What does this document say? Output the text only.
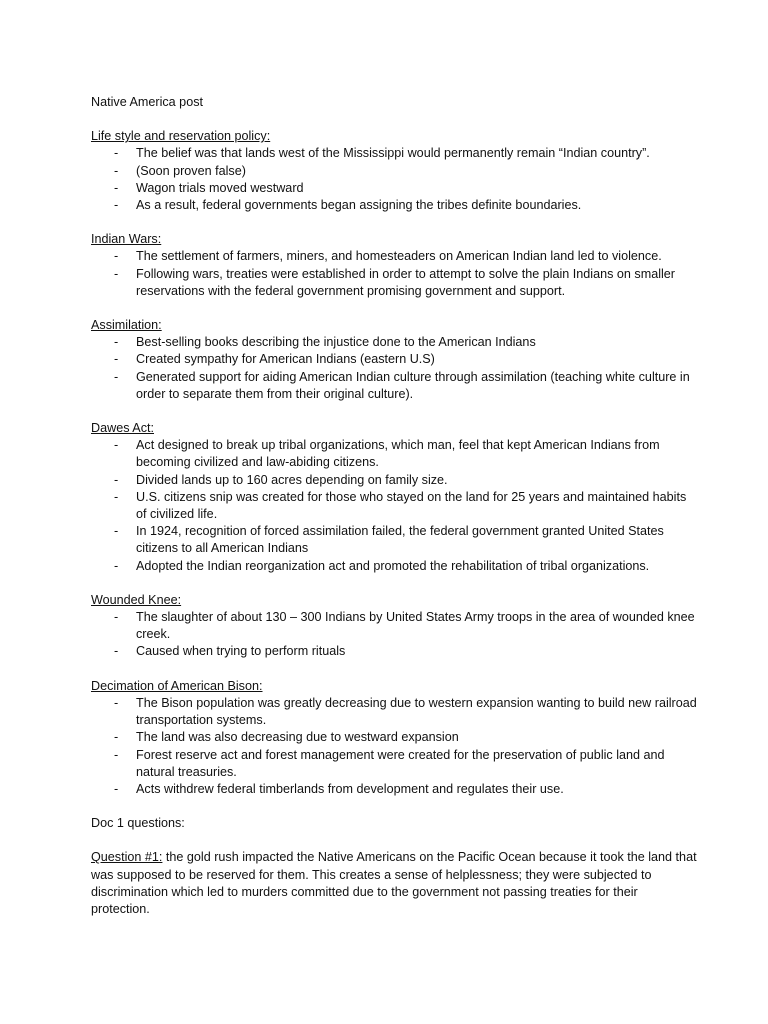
Native America post
Life style and reservation policy:
- The belief was that lands west of the Mississippi would permanently remain “Indian country”.
- (Soon proven false)
- Wagon trials moved westward
- As a result, federal governments began assigning the tribes definite boundaries.
Indian Wars:
- The settlement of farmers, miners, and homesteaders on American Indian land led to violence.
- Following wars, treaties were established in order to attempt to solve the plain Indians on smaller reservations with the federal government promising government and support.
Assimilation:
- Best-selling books describing the injustice done to the American Indians
- Created sympathy for American Indians (eastern U.S)
- Generated support for aiding American Indian culture through assimilation (teaching white culture in order to separate them from their original culture).
Dawes Act:
- Act designed to break up tribal organizations, which man, feel that kept American Indians from becoming civilized and law-abiding citizens.
- Divided lands up to 160 acres depending on family size.
- U.S. citizens snip was created for those who stayed on the land for 25 years and maintained habits of civilized life.
- In 1924, recognition of forced assimilation failed, the federal government granted United States citizens to all American Indians
- Adopted the Indian reorganization act and promoted the rehabilitation of tribal organizations.
Wounded Knee:
- The slaughter of about 130 – 300 Indians by United States Army troops in the area of wounded knee creek.
- Caused when trying to perform rituals
Decimation of American Bison:
- The Bison population was greatly decreasing due to western expansion wanting to build new railroad transportation systems.
- The land was also decreasing due to westward expansion
- Forest reserve act and forest management were created for the preservation of public land and natural treasuries.
- Acts withdrew federal timberlands from development and regulates their use.
Doc 1 questions:

Question #1: the gold rush impacted the Native Americans on the Pacific Ocean because it took the land that was supposed to be reserved for them. This creates a sense of helplessness; they were subjected to discrimination which led to murders committed due to the government not passing treaties for their protection.
